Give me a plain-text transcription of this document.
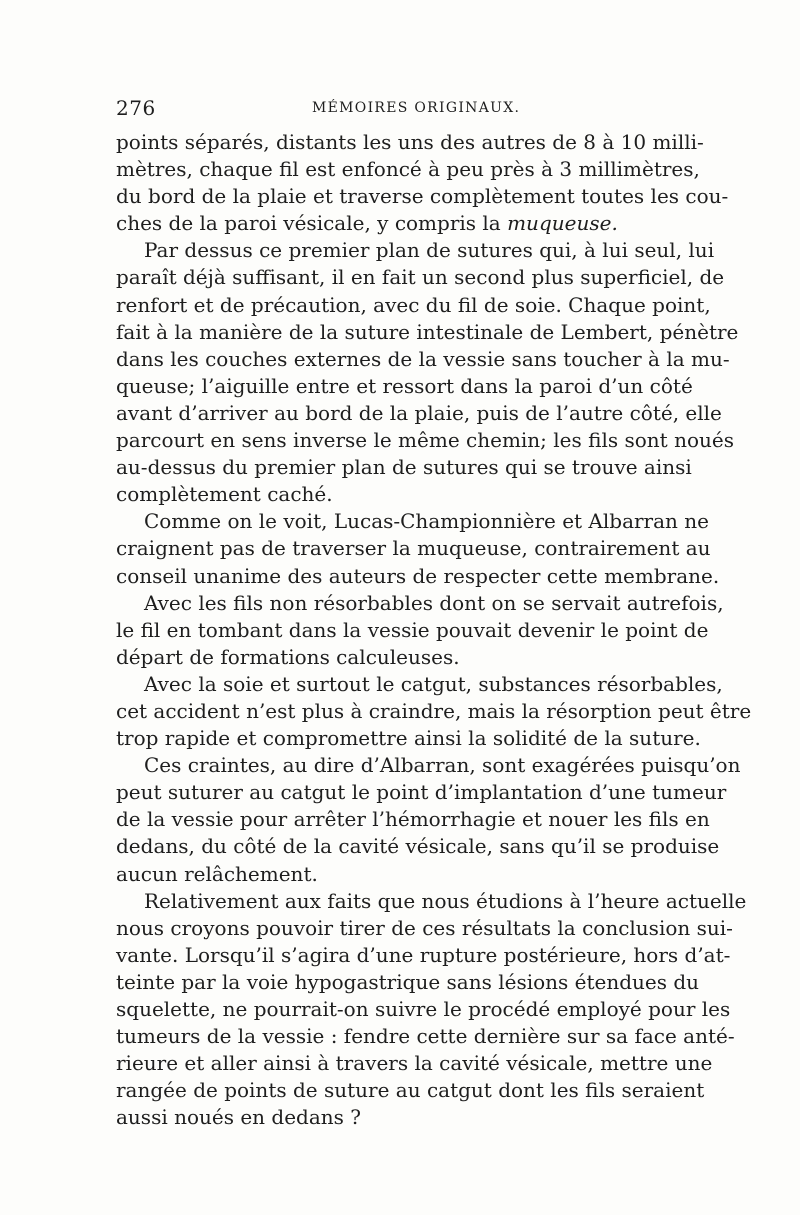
276	MÉMOIRES ORIGINAUX.
points séparés, distants les uns des autres de 8 à 10 milli-
mètres, chaque fil est enfoncé à peu près à 3 millimètres,
du bord de la plaie et traverse complètement toutes les cou-
ches de la paroi vésicale, y compris la muqueuse.
Par dessus ce premier plan de sutures qui, à lui seul, lui
paraît déjà suffisant, il en fait un second plus superficiel, de
renfort et de précaution, avec du fil de soie. Chaque point,
fait à la manière de la suture intestinale de Lembert, pénètre
dans les couches externes de la vessie sans toucher à la mu-
queuse; l’aiguille entre et ressort dans la paroi d’un côté
avant d’arriver au bord de la plaie, puis de l’autre côté, elle
parcourt en sens inverse le même chemin; les fils sont noués
au-dessus du premier plan de sutures qui se trouve ainsi
complètement caché.
Comme on le voit, Lucas-Championnière et Albarran ne
craignent pas de traverser la muqueuse, contrairement au
conseil unanime des auteurs de respecter cette membrane.
Avec les fils non résorbables dont on se servait autrefois,
le fil en tombant dans la vessie pouvait devenir le point de
départ de formations calculeuses.
Avec la soie et surtout le catgut, substances résorbables,
cet accident n’est plus à craindre, mais la résorption peut être
trop rapide et compromettre ainsi la solidité de la suture.
Ces craintes, au dire d’Albarran, sont exagérées puisqu’on
peut suturer au catgut le point d’implantation d’une tumeur
de la vessie pour arrêter l’hémorrhagie et nouer les fils en
dedans, du côté de la cavité vésicale, sans qu’il se produise
aucun relâchement.
Relativement aux faits que nous étudions à l’heure actuelle
nous croyons pouvoir tirer de ces résultats la conclusion sui-
vante. Lorsqu’il s’agira d’une rupture postérieure, hors d’at-
teinte par la voie hypogastrique sans lésions étendues du
squelette, ne pourrait-on suivre le procédé employé pour les
tumeurs de la vessie : fendre cette dernière sur sa face anté-
rieure et aller ainsi à travers la cavité vésicale, mettre une
rangée de points de suture au catgut dont les fils seraient
aussi noués en dedans ?
